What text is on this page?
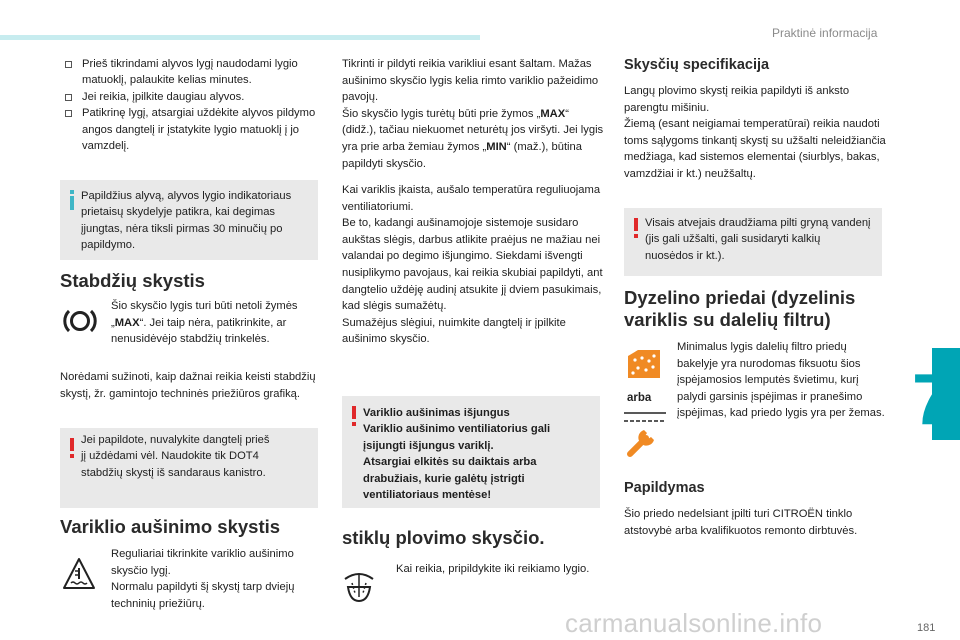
Praktinė informacija
Prieš tikrindami alyvos lygį naudodami lygio matuoklį, palaukite kelias minutes.
Jei reikia, įpilkite daugiau alyvos.
Patikrinę lygį, atsargiai uždėkite alyvos pildymo angos dangtelį ir įstatykite lygio matuoklį į jo vamzdelį.
Papildžius alyvą, alyvos lygio indikatoriaus prietaisų skydelyje patikra, kai degimas įjungtas, nėra tiksli pirmas 30 minučių po papildymo.
Stabdžių skystis
Šio skysčio lygis turi būti netoli žymės „MAX“. Jei taip nėra, patikrinkite, ar nenusidėvėjo stabdžių trinkelės.
Norėdami sužinoti, kaip dažnai reikia keisti stabdžių skystį, žr. gamintojo techninės priežiūros grafiką.
Jei papildote, nuvalykite dangtelį prieš jį uždėdami vėl. Naudokite tik DOT4 stabdžių skystį iš sandaraus kanistro.
Variklio aušinimo skystis
Reguliariai tikrinkite variklio aušinimo skysčio lygį.
Normalu papildyti šį skystį tarp dviejų techninių priežiūrų.
Tikrinti ir pildyti reikia varikliui esant šaltam. Mažas aušinimo skysčio lygis kelia rimto variklio pažeidimo pavojų.
Šio skysčio lygis turėtų būti prie žymos „MAX“ (didž.), tačiau niekuomet neturėtų jos viršyti. Jei lygis yra prie arba žemiau žymos „MIN“ (maž.), būtina papildyti skysčio.
Kai variklis įkaista, aušalo temperatūra reguliuojama ventiliatoriumi.
Be to, kadangi aušinamojoje sistemoje susidaro aukštas slėgis, darbus atlikite praėjus ne mažiau nei valandai po degimo išjungimo. Siekdami išvengti nusiplikymo pavojaus, kai reikia skubiai papildyti, ant dangtelio uždėję audinį atsukite jį dviem pasukimais, kad slėgis sumažėtų.
Sumažėjus slėgiui, nuimkite dangtelį ir įpilkite aušinimo skysčio.
Variklio aušinimas išjungus
Variklio aušinimo ventiliatorius gali įsijungti išjungus variklį.
Atsargiai elkitės su daiktais arba drabužiais, kurie galėtų įstrigti ventiliatoriaus mentėse!
stiklų plovimo skysčio.
Kai reikia, pripildykite iki reikiamo lygio.
Skysčių specifikacija
Langų plovimo skystį reikia papildyti iš anksto parengtu mišiniu.
Žiemą (esant neigiamai temperatūrai) reikia naudoti toms sąlygoms tinkantį skystį su užšalti neleidžiančia medžiaga, kad sistemos elementai (siurblys, bakas, vamzdžiai ir kt.) neužšaltų.
Visais atvejais draudžiama pilti gryną vandenį (jis gali užšalti, gali susidaryti kalkių nuosėdos ir kt.).
Dyzelino priedai (dyzelinis variklis su dalelių filtru)
arba
Minimalus lygis dalelių filtro priedų bakelyje yra nurodomas fiksuotu šios įspėjamosios lemputės švietimu, kurį palydi garsinis įspėjimas ir pranešimo įspėjimas, kad priedo lygis yra per žemas.
Papildymas
Šio priedo nedelsiant įpilti turi CITROËN tinklo atstovybė arba kvalifikuotos remonto dirbtuvės.
7
carmanualsonline.info	181
